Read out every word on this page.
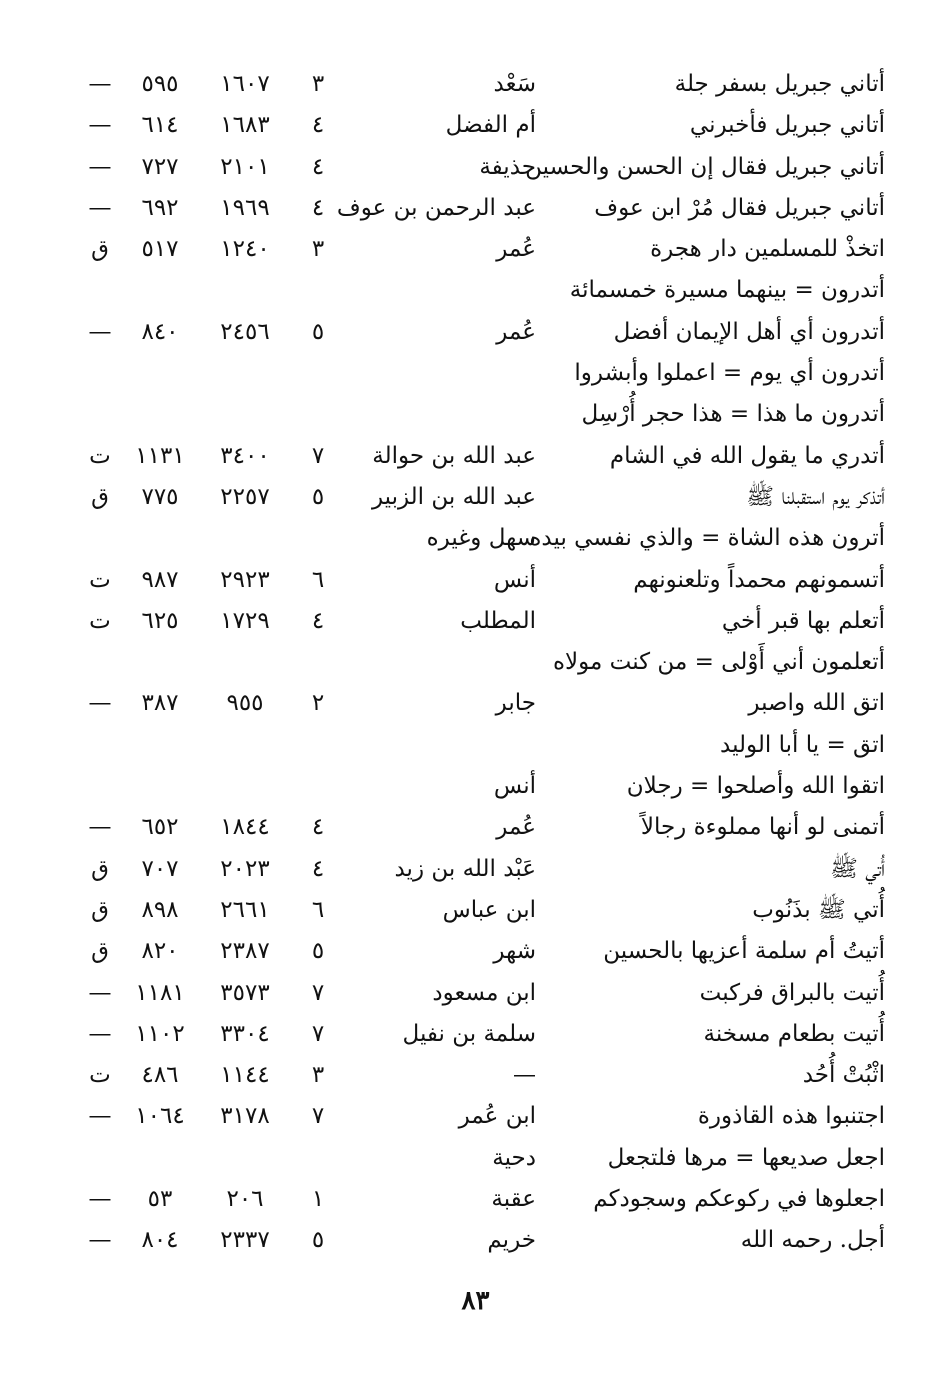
أتاني جبريل بسفر جلة
سَعْد
٣
١٦٠٧
٥٩٥
—
أتاني جبريل فأخبرني
أم الفضل
٤
١٦٨٣
٦١٤
—
أتاني جبريل فقال إن الحسن والحسين
حذيفة
٤
٢١٠١
٧٢٧
—
أتاني جبريل فقال مُرْ ابن عوف
عبد الرحمن بن عوف
٤
١٩٦٩
٦٩٢
—
اتخذْ للمسلمين دار هجرة
عُمر
٣
١٢٤٠
٥١٧
ق
أتدرون = بينهما مسيرة خمسمائة
أتدرون أي أهل الإيمان أفضل
عُمر
٥
٢٤٥٦
٨٤٠
—
أتدرون أي يوم = اعملوا وأبشروا
أتدرون ما هذا = هذا حجر أُرْسِل
أتدري ما يقول الله في الشام
عبد الله بن حوالة
٧
٣٤٠٠
١١٣١
ت
أتذكر يوم استقبلنا ﷺ
عبد الله بن الزبير
٥
٢٢٥٧
٧٧٥
ق
أترون هذه الشاة = والذي نفسي بيده
سهل وغيره
أتسمونهم محمداً وتلعنونهم
أنس
٦
٢٩٢٣
٩٨٧
ت
أتعلم بها قبر أخي
المطلب
٤
١٧٢٩
٦٢٥
ت
أتعلمون أني أَوْلى = من كنت مولاه
اتق الله واصبر
جابر
٢
٩٥٥
٣٨٧
—
اتق = يا أبا الوليد
اتقوا الله وأصلحوا = رجلان
أنس
أتمنى لو أنها مملوءة رجالاً
عُمر
٤
١٨٤٤
٦٥٢
—
أُتي ﷺ
عَبْد الله بن زيد
٤
٢٠٢٣
٧٠٧
ق
أُتي ﷺ بذَنُوب
ابن عباس
٦
٢٦٦١
٨٩٨
ق
أتيتُ أم سلمة أعزيها بالحسين
شهر
٥
٢٣٨٧
٨٢٠
ق
أُتيت بالبراق فركبت
ابن مسعود
٧
٣٥٧٣
١١٨١
—
أُتيت بطعام مسخنة
سلمة بن نفيل
٧
٣٣٠٤
١١٠٢
—
اثْبُتْ أُحُد
—
٣
١١٤٤
٤٨٦
ت
اجتنبوا هذه القاذورة
ابن عُمر
٧
٣١٧٨
١٠٦٤
—
اجعل صديعها = مرها فلتجعل
دحية
اجعلوها في ركوعكم وسجودكم
عقبة
١
٢٠٦
٥٣
—
أجل. رحمه الله
خريم
٥
٢٣٣٧
٨٠٤
—
٨٣
